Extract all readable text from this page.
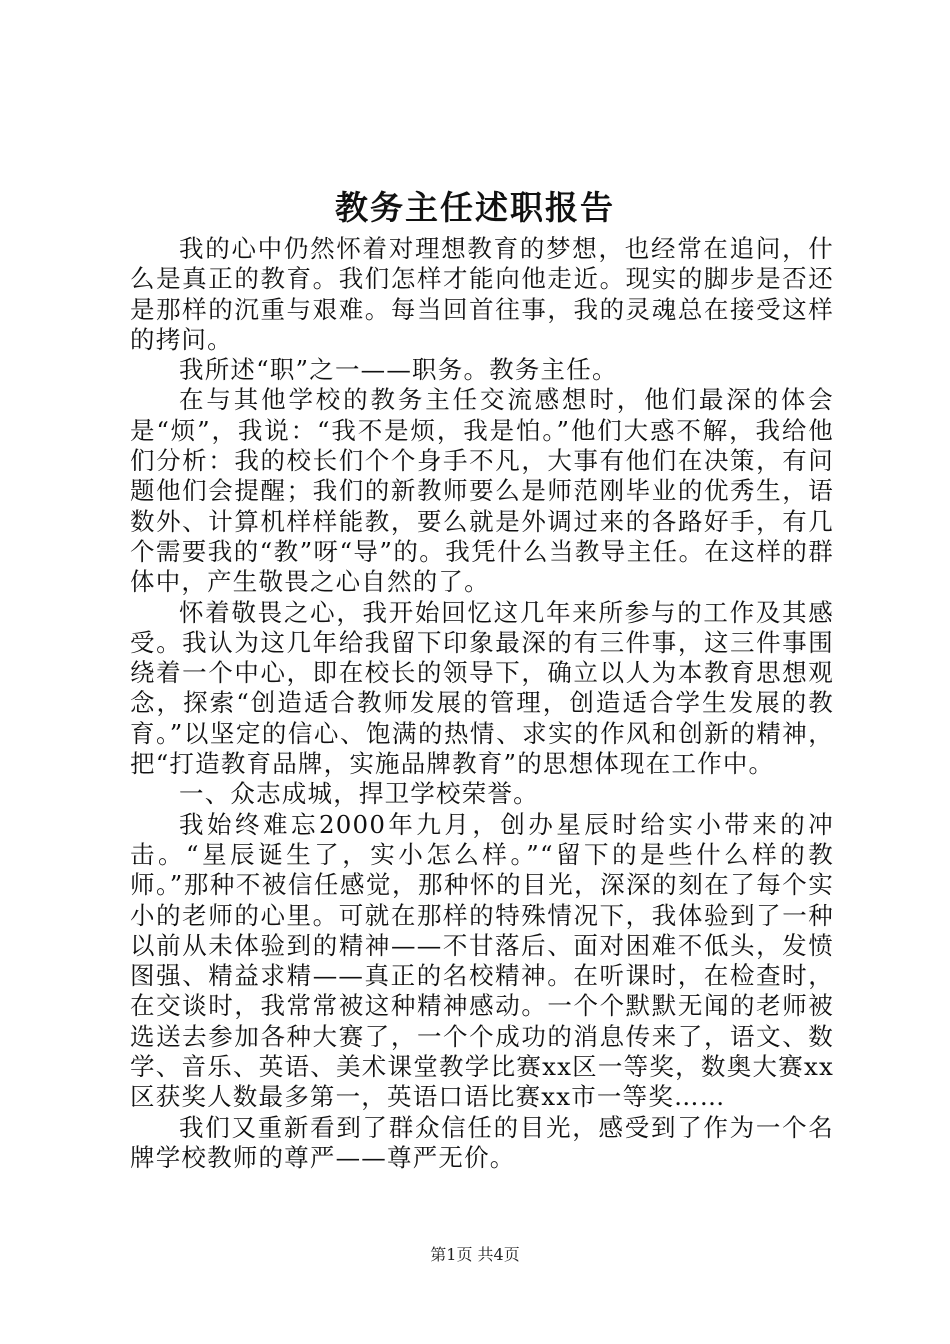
教务主任述职报告

我的心中仍然怀着对理想教育的梦想，也经常在追问，什么是真正的教育。我们怎样才能向他走近。现实的脚步是否还是那样的沉重与艰难。每当回首往事，我的灵魂总在接受这样的拷问。

我所述“职”之一——职务。教务主任。

在与其他学校的教务主任交流感想时，他们最深的体会是“烦”，我说：“我不是烦，我是怕。”他们大惑不解，我给他们分析：我的校长们个个身手不凡，大事有他们在决策，有问题他们会提醒；我们的新教师要么是师范刚毕业的优秀生，语数外、计算机样样能教，要么就是外调过来的各路好手，有几个需要我的“教”呀“导”的。我凭什么当教导主任。在这样的群体中，产生敬畏之心自然的了。

怀着敬畏之心，我开始回忆这几年来所参与的工作及其感受。我认为这几年给我留下印象最深的有三件事，这三件事围绕着一个中心，即在校长的领导下，确立以人为本教育思想观念，探索“创造适合教师发展的管理，创造适合学生发展的教育。”以坚定的信心、饱满的热情、求实的作风和创新的精神，把“打造教育品牌，实施品牌教育”的思想体现在工作中。

一、众志成城，捍卫学校荣誉。

我始终难忘2000年九月，创办星辰时给实小带来的冲击。“星辰诞生了，实小怎么样。”“留下的是些什么样的教师。”那种不被信任感觉，那种怀的目光，深深的刻在了每个实小的老师的心里。可就在那样的特殊情况下，我体验到了一种以前从未体验到的精神——不甘落后、面对困难不低头，发愤图强、精益求精——真正的名校精神。在听课时，在检查时，在交谈时，我常常被这种精神感动。一个个默默无闻的老师被选送去参加各种大赛了，一个个成功的消息传来了，语文、数学、音乐、英语、美术课堂教学比赛xx区一等奖，数奥大赛xx区获奖人数最多第一，英语口语比赛xx市一等奖……

我们又重新看到了群众信任的目光，感受到了作为一个名牌学校教师的尊严——尊严无价。

第1页 共4页
